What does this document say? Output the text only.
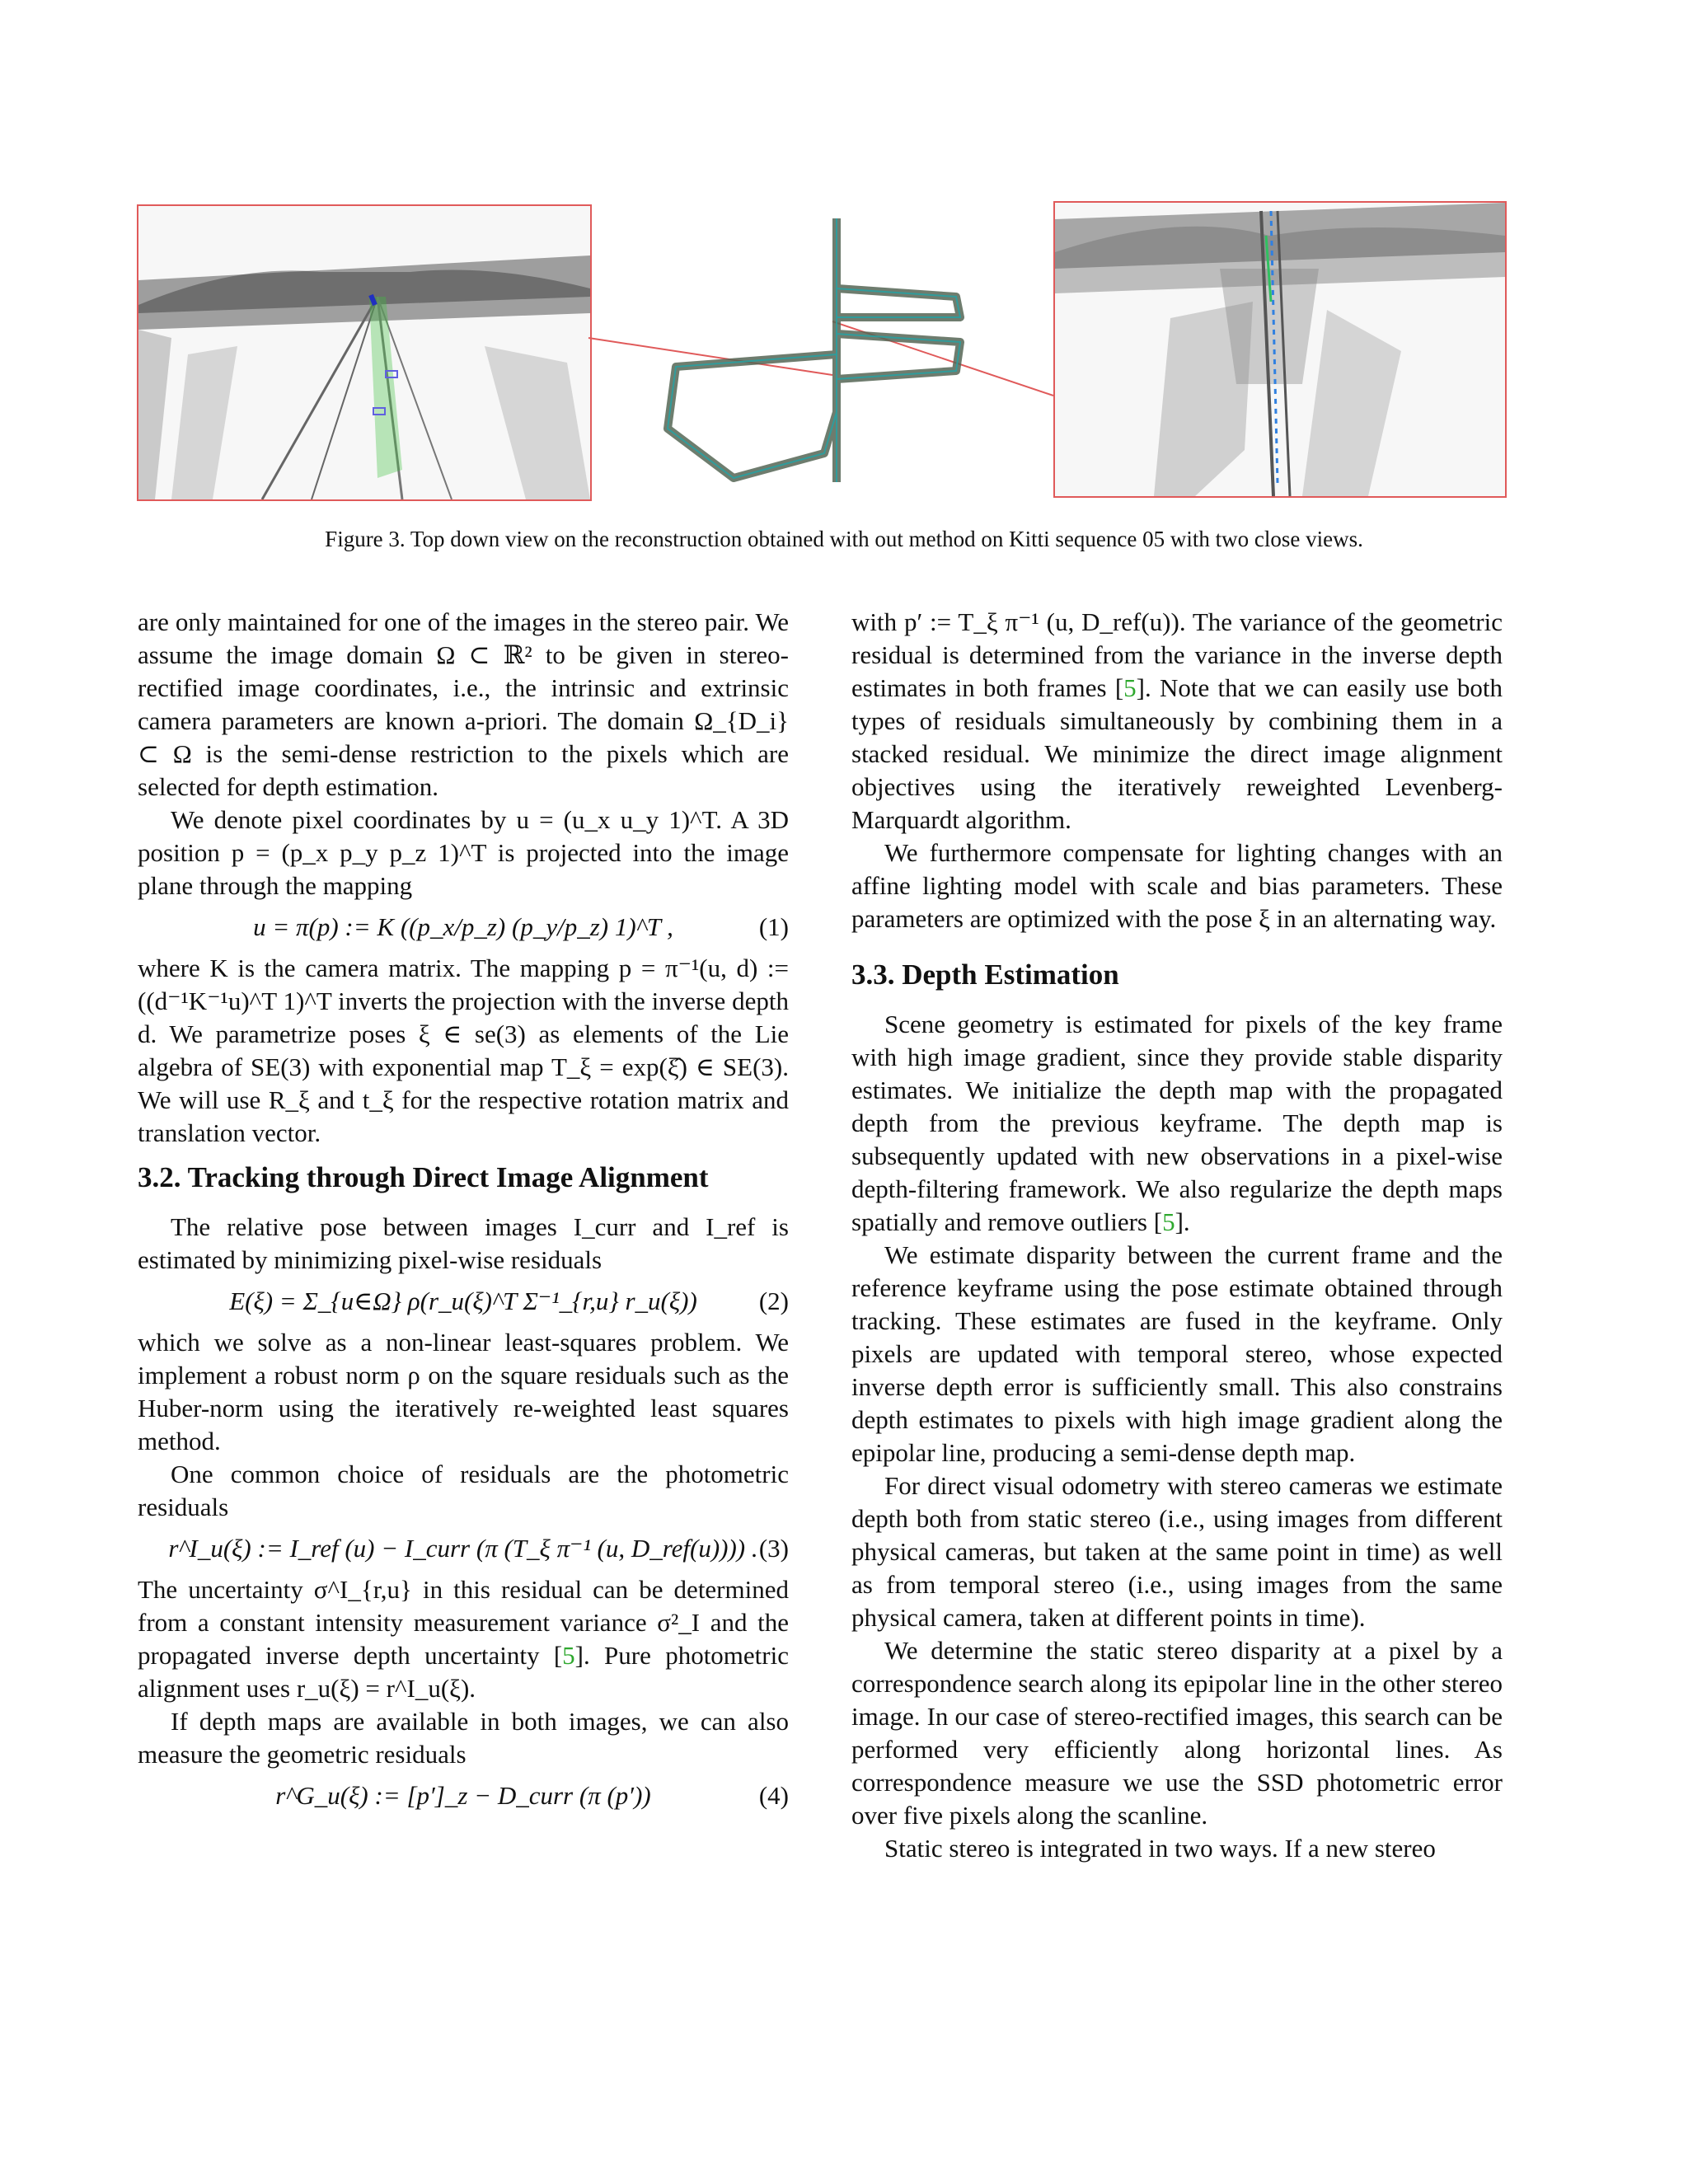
Figure 3. Top down view on the reconstruction obtained with out method on Kitti sequence 05 with two close views.

are only maintained for one of the images in the stereo pair. We assume the image domain Ω ⊂ ℝ² to be given in stereo-rectified image coordinates, i.e., the intrinsic and extrinsic camera parameters are known a-priori. The domain Ω_{D_i} ⊂ Ω is the semi-dense restriction to the pixels which are selected for depth estimation.

We denote pixel coordinates by u = (u_x u_y 1)^T. A 3D position p = (p_x p_y p_z 1)^T is projected into the image plane through the mapping

u = π(p) := K ((p_x/p_z) (p_y/p_z) 1)^T ,	(1)

where K is the camera matrix. The mapping p = π⁻¹(u, d) := ((d⁻¹K⁻¹u)^T 1)^T inverts the projection with the inverse depth d. We parametrize poses ξ ∈ se(3) as elements of the Lie algebra of SE(3) with exponential map T_ξ = exp(ξ̂) ∈ SE(3). We will use R_ξ and t_ξ for the respective rotation matrix and translation vector.

3.2. Tracking through Direct Image Alignment

The relative pose between images I_curr and I_ref is estimated by minimizing pixel-wise residuals

E(ξ) = Σ_{u∈Ω} ρ(r_u(ξ)^T Σ⁻¹_{r,u} r_u(ξ)) (2)

which we solve as a non-linear least-squares problem. We implement a robust norm ρ on the square residuals such as the Huber-norm using the iteratively re-weighted least squares method.

One common choice of residuals are the photometric residuals

r^I_u(ξ) := I_ref (u) − I_curr (π (T_ξ π⁻¹ (u, D_ref(u)))) . (3)

The uncertainty σ^I_{r,u} in this residual can be determined from a constant intensity measurement variance σ²_I and the propagated inverse depth uncertainty [5]. Pure photometric alignment uses r_u(ξ) = r^I_u(ξ).

If depth maps are available in both images, we can also measure the geometric residuals

r^G_u(ξ) := [p′]_z − D_curr (π (p′))	(4)

with p′ := T_ξ π⁻¹ (u, D_ref(u)). The variance of the geometric residual is determined from the variance in the inverse depth estimates in both frames [5]. Note that we can easily use both types of residuals simultaneously by combining them in a stacked residual. We minimize the direct image alignment objectives using the iteratively reweighted Levenberg-Marquardt algorithm.

We furthermore compensate for lighting changes with an affine lighting model with scale and bias parameters. These parameters are optimized with the pose ξ in an alternating way.

3.3. Depth Estimation

Scene geometry is estimated for pixels of the key frame with high image gradient, since they provide stable disparity estimates. We initialize the depth map with the propagated depth from the previous keyframe. The depth map is subsequently updated with new observations in a pixel-wise depth-filtering framework. We also regularize the depth maps spatially and remove outliers [5].

We estimate disparity between the current frame and the reference keyframe using the pose estimate obtained through tracking. These estimates are fused in the keyframe. Only pixels are updated with temporal stereo, whose expected inverse depth error is sufficiently small. This also constrains depth estimates to pixels with high image gradient along the epipolar line, producing a semi-dense depth map.

For direct visual odometry with stereo cameras we estimate depth both from static stereo (i.e., using images from different physical cameras, but taken at the same point in time) as well as from temporal stereo (i.e., using images from the same physical camera, taken at different points in time).

We determine the static stereo disparity at a pixel by a correspondence search along its epipolar line in the other stereo image. In our case of stereo-rectified images, this search can be performed very efficiently along horizontal lines. As correspondence measure we use the SSD photometric error over five pixels along the scanline.

Static stereo is integrated in two ways. If a new stereo
